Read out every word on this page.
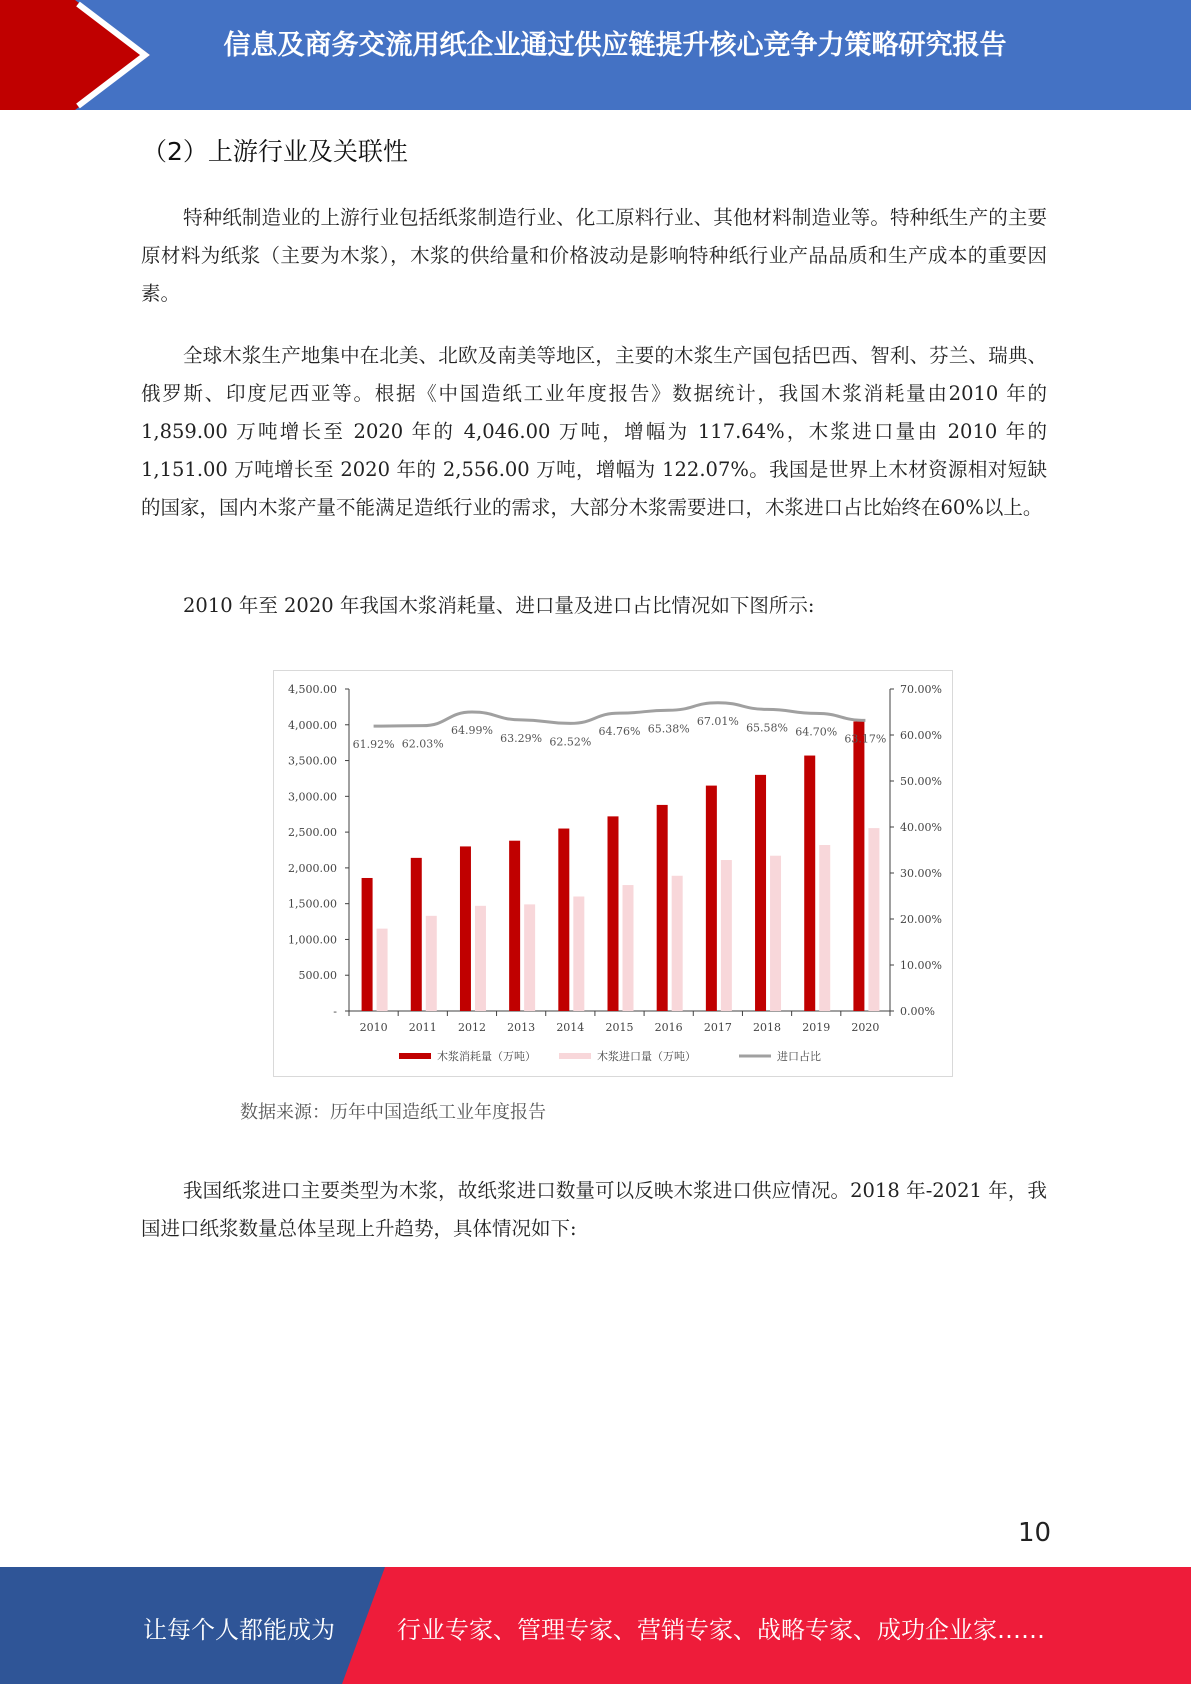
信息及商务交流用纸企业通过供应链提升核心竞争力策略研究报告
（2）上游行业及关联性

特种纸制造业的上游行业包括纸浆制造行业、化工原料行业、其他材料制造业等。特种纸生产的主要原材料为纸浆（主要为木浆），木浆的供给量和价格波动是影响特种纸行业产品品质和生产成本的重要因素。

全球木浆生产地集中在北美、北欧及南美等地区，主要的木浆生产国包括巴西、智利、芬兰、瑞典、俄罗斯、印度尼西亚等。根据《中国造纸工业年度报告》数据统计，我国木浆消耗量由2010 年的 1,859.00 万吨增长至 2020 年的 4,046.00 万吨，增幅为 117.64%，木浆进口量由 2010 年的 1,151.00 万吨增长至 2020 年的 2,556.00 万吨，增幅为 122.07%。我国是世界上木材资源相对短缺的国家，国内木浆产量不能满足造纸行业的需求，大部分木浆需要进口，木浆进口占比始终在60%以上。

2010 年至 2020 年我国木浆消耗量、进口量及进口占比情况如下图所示:

-
500.00
1,000.00
1,500.00
2,000.00
2,500.00
3,000.00
3,500.00
4,000.00
4,500.00
0.00%
10.00%
20.00%
30.00%
40.00%
50.00%
60.00%
70.00%
2010 2011 2012 2013 2014 2015 2016 2017 2018 2019 2020
61.92% 62.03%
64.99%
63.29% 62.52%
64.76% 65.38%
67.01%
65.58% 64.70%
63.17%
木浆消耗量（万吨）	木浆进口量（万吨）	进口占比
数据来源：历年中国造纸工业年度报告

我国纸浆进口主要类型为木浆，故纸浆进口数量可以反映木浆进口供应情况。2018 年-2021 年，我国进口纸浆数量总体呈现上升趋势，具体情况如下:

10
让每个人都能成为	行业专家、管理专家、营销专家、战略专家、成功企业家……
